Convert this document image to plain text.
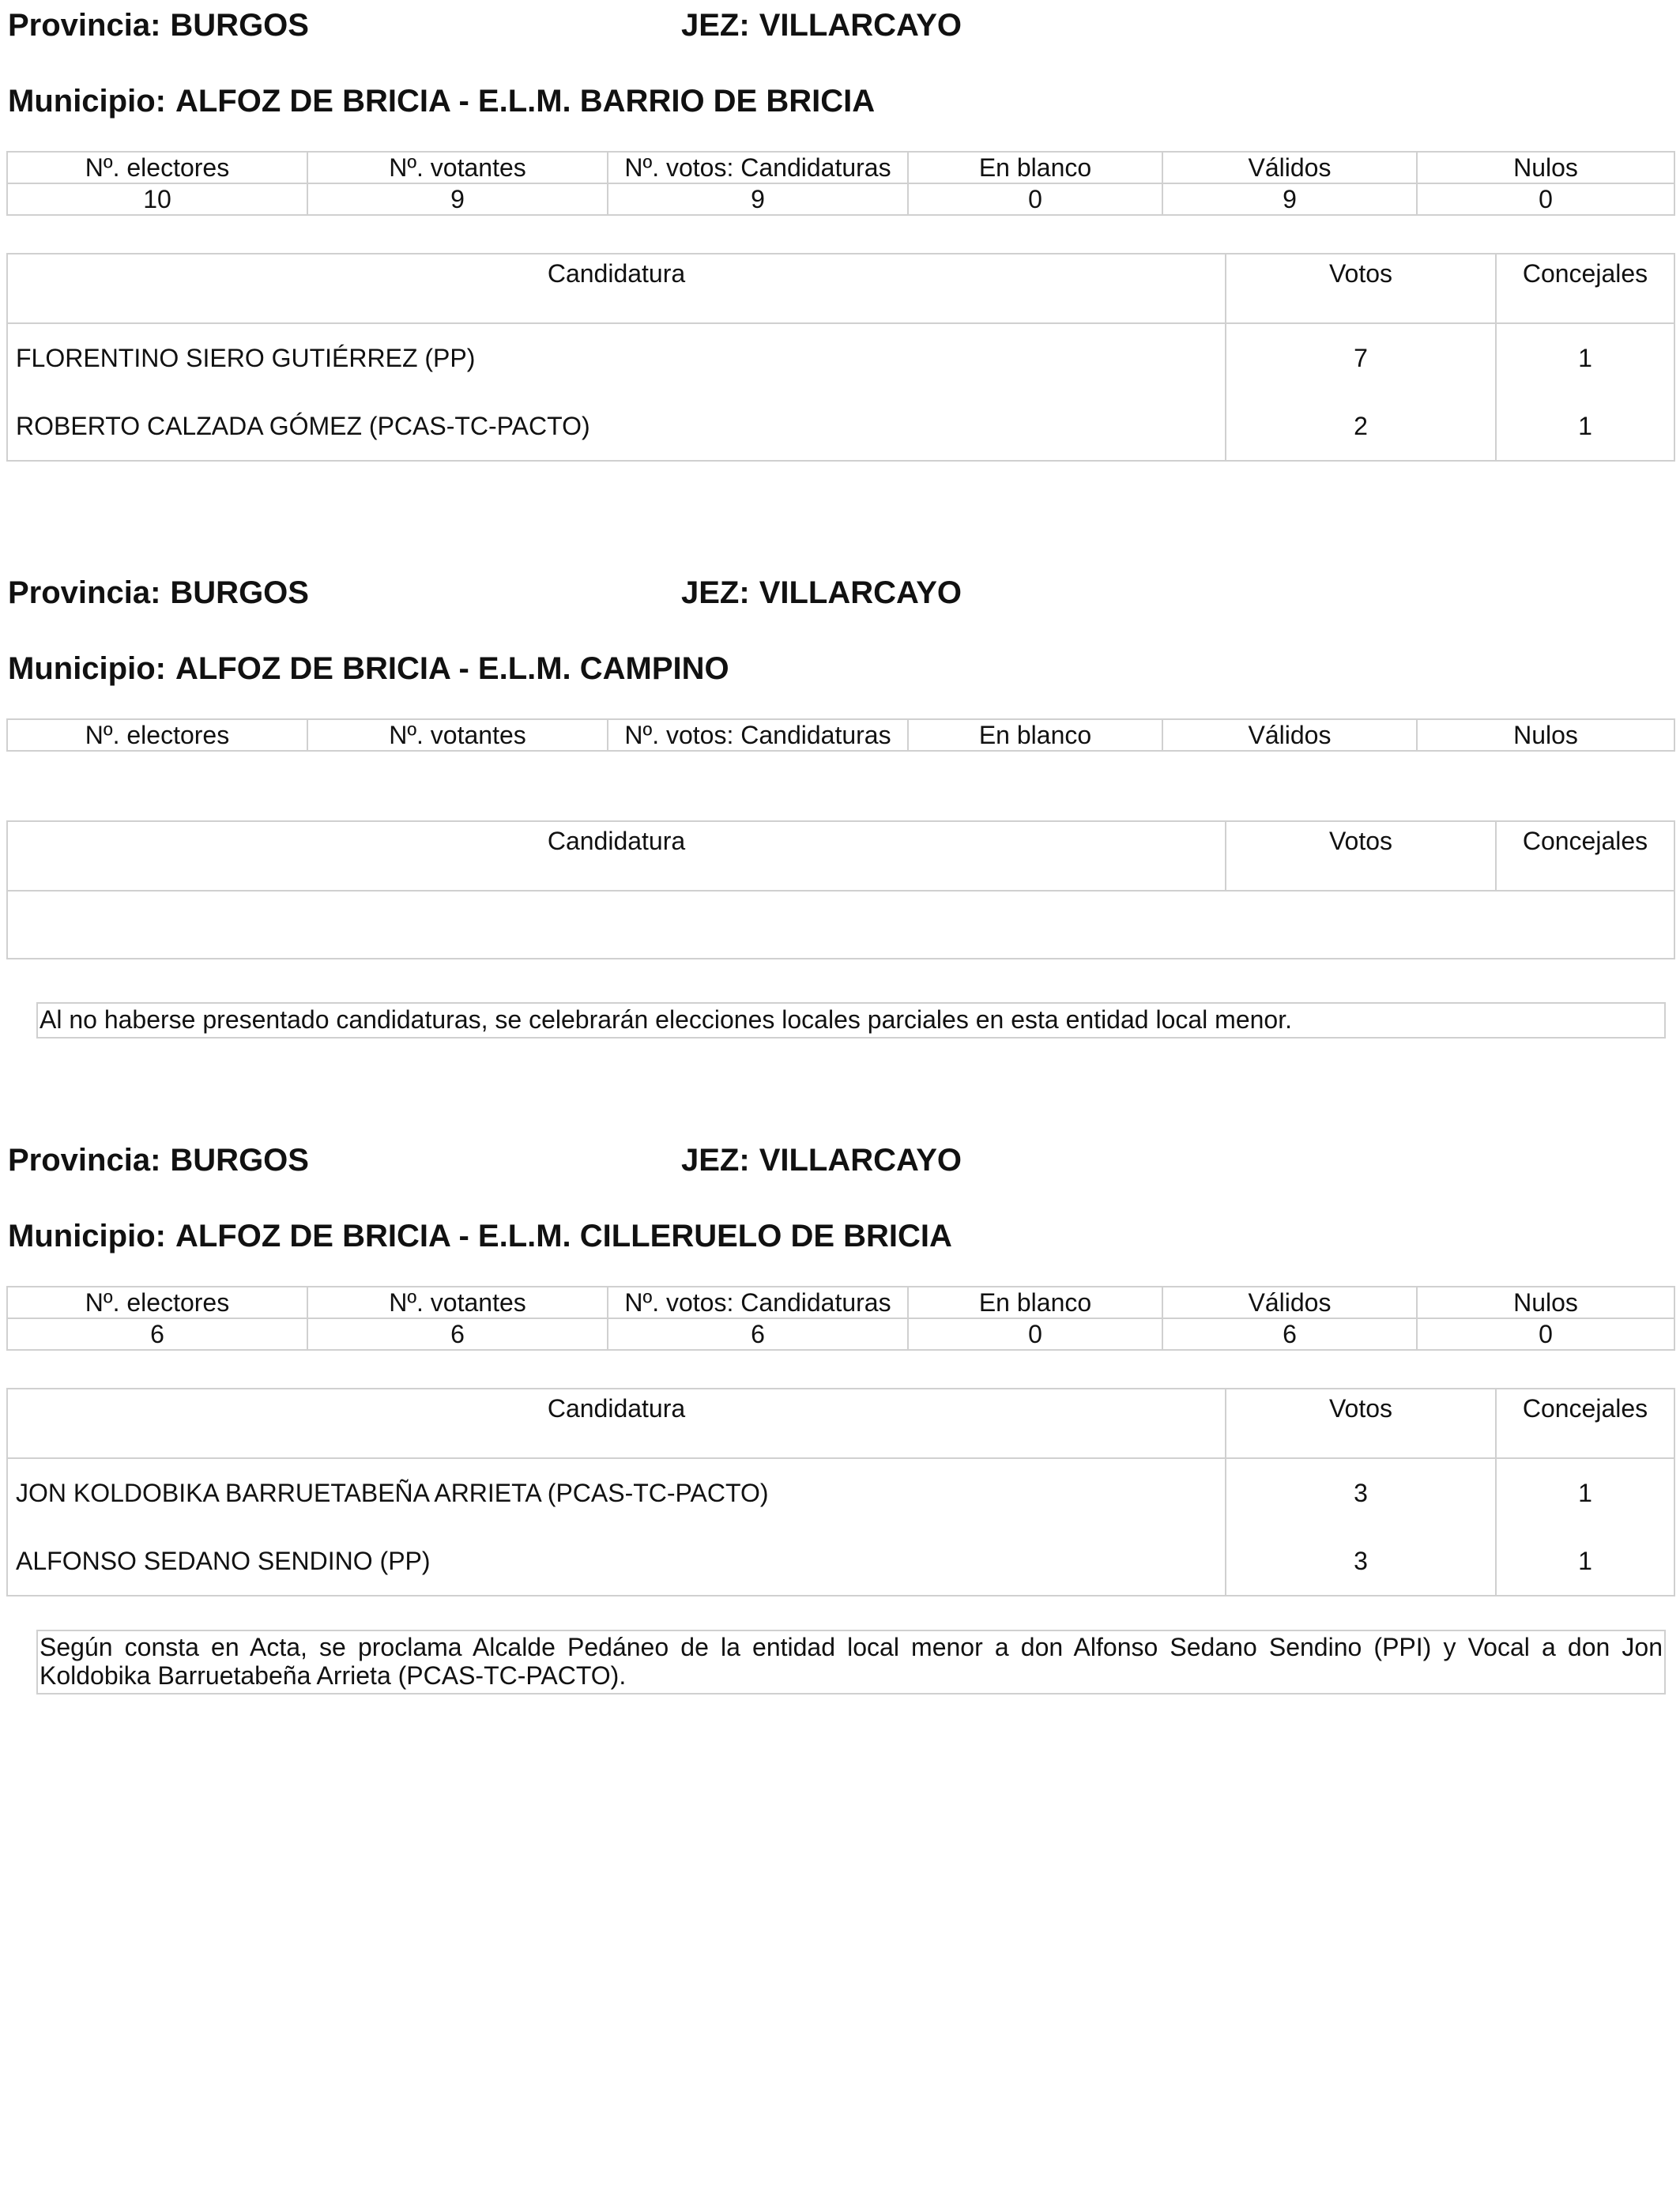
Provincia: BURGOS	JEZ: VILLARCAYO
Municipio: ALFOZ DE BRICIA - E.L.M. BARRIO DE BRICIA
Nº. electores	Nº. votantes	Nº. votos: Candidaturas	En blanco	Válidos	Nulos
10	9	9	0	9	0
Candidatura	Votos	Concejales
FLORENTINO SIERO GUTIÉRREZ (PP)	7	1
ROBERTO CALZADA GÓMEZ (PCAS-TC-PACTO)	2	1
Provincia: BURGOS	JEZ: VILLARCAYO
Municipio: ALFOZ DE BRICIA - E.L.M. CAMPINO
Nº. electores	Nº. votantes	Nº. votos: Candidaturas	En blanco	Válidos	Nulos
Candidatura	Votos	Concejales

Al no haberse presentado candidaturas, se celebrarán elecciones locales parciales en esta entidad local menor.
Provincia: BURGOS	JEZ: VILLARCAYO
Municipio: ALFOZ DE BRICIA - E.L.M. CILLERUELO DE BRICIA
Nº. electores	Nº. votantes	Nº. votos: Candidaturas	En blanco	Válidos	Nulos
6	6	6	0	6	0
Candidatura	Votos	Concejales
JON KOLDOBIKA BARRUETABEÑA ARRIETA (PCAS-TC-PACTO)	3	1
ALFONSO SEDANO SENDINO (PP)	3	1
Según consta en Acta, se proclama Alcalde Pedáneo de la entidad local menor a don Alfonso Sedano Sendino (PPI) y Vocal a don Jon Koldobika Barruetabeña Arrieta (PCAS-TC-PACTO).
